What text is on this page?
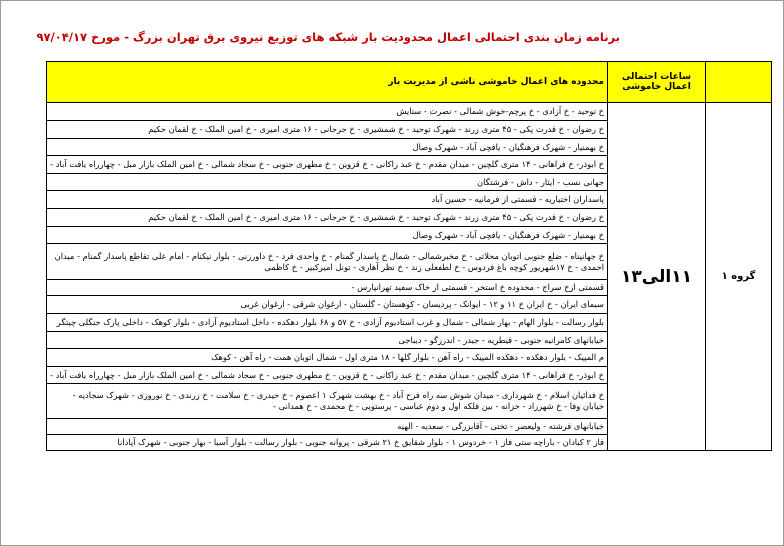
برنامه زمان بندی احتمالی اعمال محدودیت بار شبکه های توزیع نیروی برق تهران بزرگ - مورخ ۹۷/۰۴/۱۷
	ساعات احتمالی اعمال خاموشی	محدوده های اعمال خاموشی ناشی از مدیریت بار
گروه ۱	۱۱الی۱۳	خ توحید - خ آزادی - خ پرچم-خوش شمالی - نصرت - ستایش
		خ رضوان - خ قدرت پکی - ۴۵ متری زرند - شهرک توحید - خ شمشیری - خ جرجانی - ۱۶ متری امیری - خ امین الملک - خ لقمان حکیم
		خ بهمنیار - شهرک فرهنگیان - یافچی آباد - شهرک وصال
		خ ابوذر- خ فراهانی - ۱۴ متری گلچین - میدان مقدم - خ عبد زاکانی - خ قزوین - خ مطهری جنوبی - خ سجاد شمالی - خ امین الملک بازار مبل - چهارراه یافت آباد -
		جهانی نسب - ایثار - داش - فرشتگان
		پاسداران اختیاریه - قسمتی از فرمانیه - حسین آباد
		خ رضوان - خ قدرت پکی - ۴۵ متری زرند - شهرک توحید - خ شمشیری - خ جرجانی - ۱۶ متری امیری - خ امین الملک - خ لقمان حکیم
		خ بهمنیار - شهرک فرهنگیان - یافچی آباد - شهرک وصال
		خ جهانپناه - ضلع جنوبی اتوبان محلاتی - خ مخبرشمالی - شمال خ پاسدار گمنام - خ واحدی فرد - خ داورزنی - بلوار نیکنام - امام علی تقاطع پاسدار گمنام - میدان احمدی - خ ۱۷شهریور کوچه باغ فردوس - خ لطفعلی زند - خ نظر آهاری - تونل امیرکبیر - خ کاظمی
		قسمتی ازخ سراج - محدوده خ استخر - قسمتی از خاک سفید تهرانپارس -
		سیمای ایران - خ ایران خ ۱۱ و ۱۲ - ایوانک - پردیسان - کوهستان - گلستان - ارغوان شرقی - ارغوان غربی
		بلوار رسالت - بلوار الهام - بهار شمالی - شمال و غرب استادیوم آزادی - خ ۵۷ و ۶۸ بلوار دهکده - داخل استادیوم آزادی - بلوار کوهک - داخلی پارک جنگلی چیتگر
		خیابانهای کامرانیه جنوبی - قیطریه - جیدر - اندرزگو - دیباجی
		م المپیک - بلوار دهکده - دهکده المپیک - راه آهن - بلوار گلها - ۱۸ متری اول - شمال اتوبان همت - راه آهن - کوهک
		خ ابوذر- خ فراهانی - ۱۴ متری گلچین - میدان مقدم - خ عبد زاکانی - خ قزوین - خ مطهری جنوبی - خ سجاد شمالی - خ امین الملک بازار مبل - چهارراه یافت آباد -
		خ فدائیان اسلام - خ شهرداری - میدان شوش سه راه فرح آباد - خ بهشت شهرک ۱ اعصوم - خ حیدری - خ سلامت - خ زرندی - خ نوروزی - شهرک سجادیه - خیابان وفا - خ شهرزاد - خزانه - بین فلکه اول و دوم عباسی - پرستویی - خ محمدی - خ همدانی -
		خیابانهای فرشته - ولیعصر - تختی - آقابزرگی - سعدیه - الهیه
		فاز ۲ کبادان - باراچه ستی فاز ۱ - خردوس ۱ - بلوار شقایق خ ۲۱ شرقی - پروانه جنوبی - بلوار رسالت - بلوار آسیا - بهار جنوبی - شهرک آپادانا
